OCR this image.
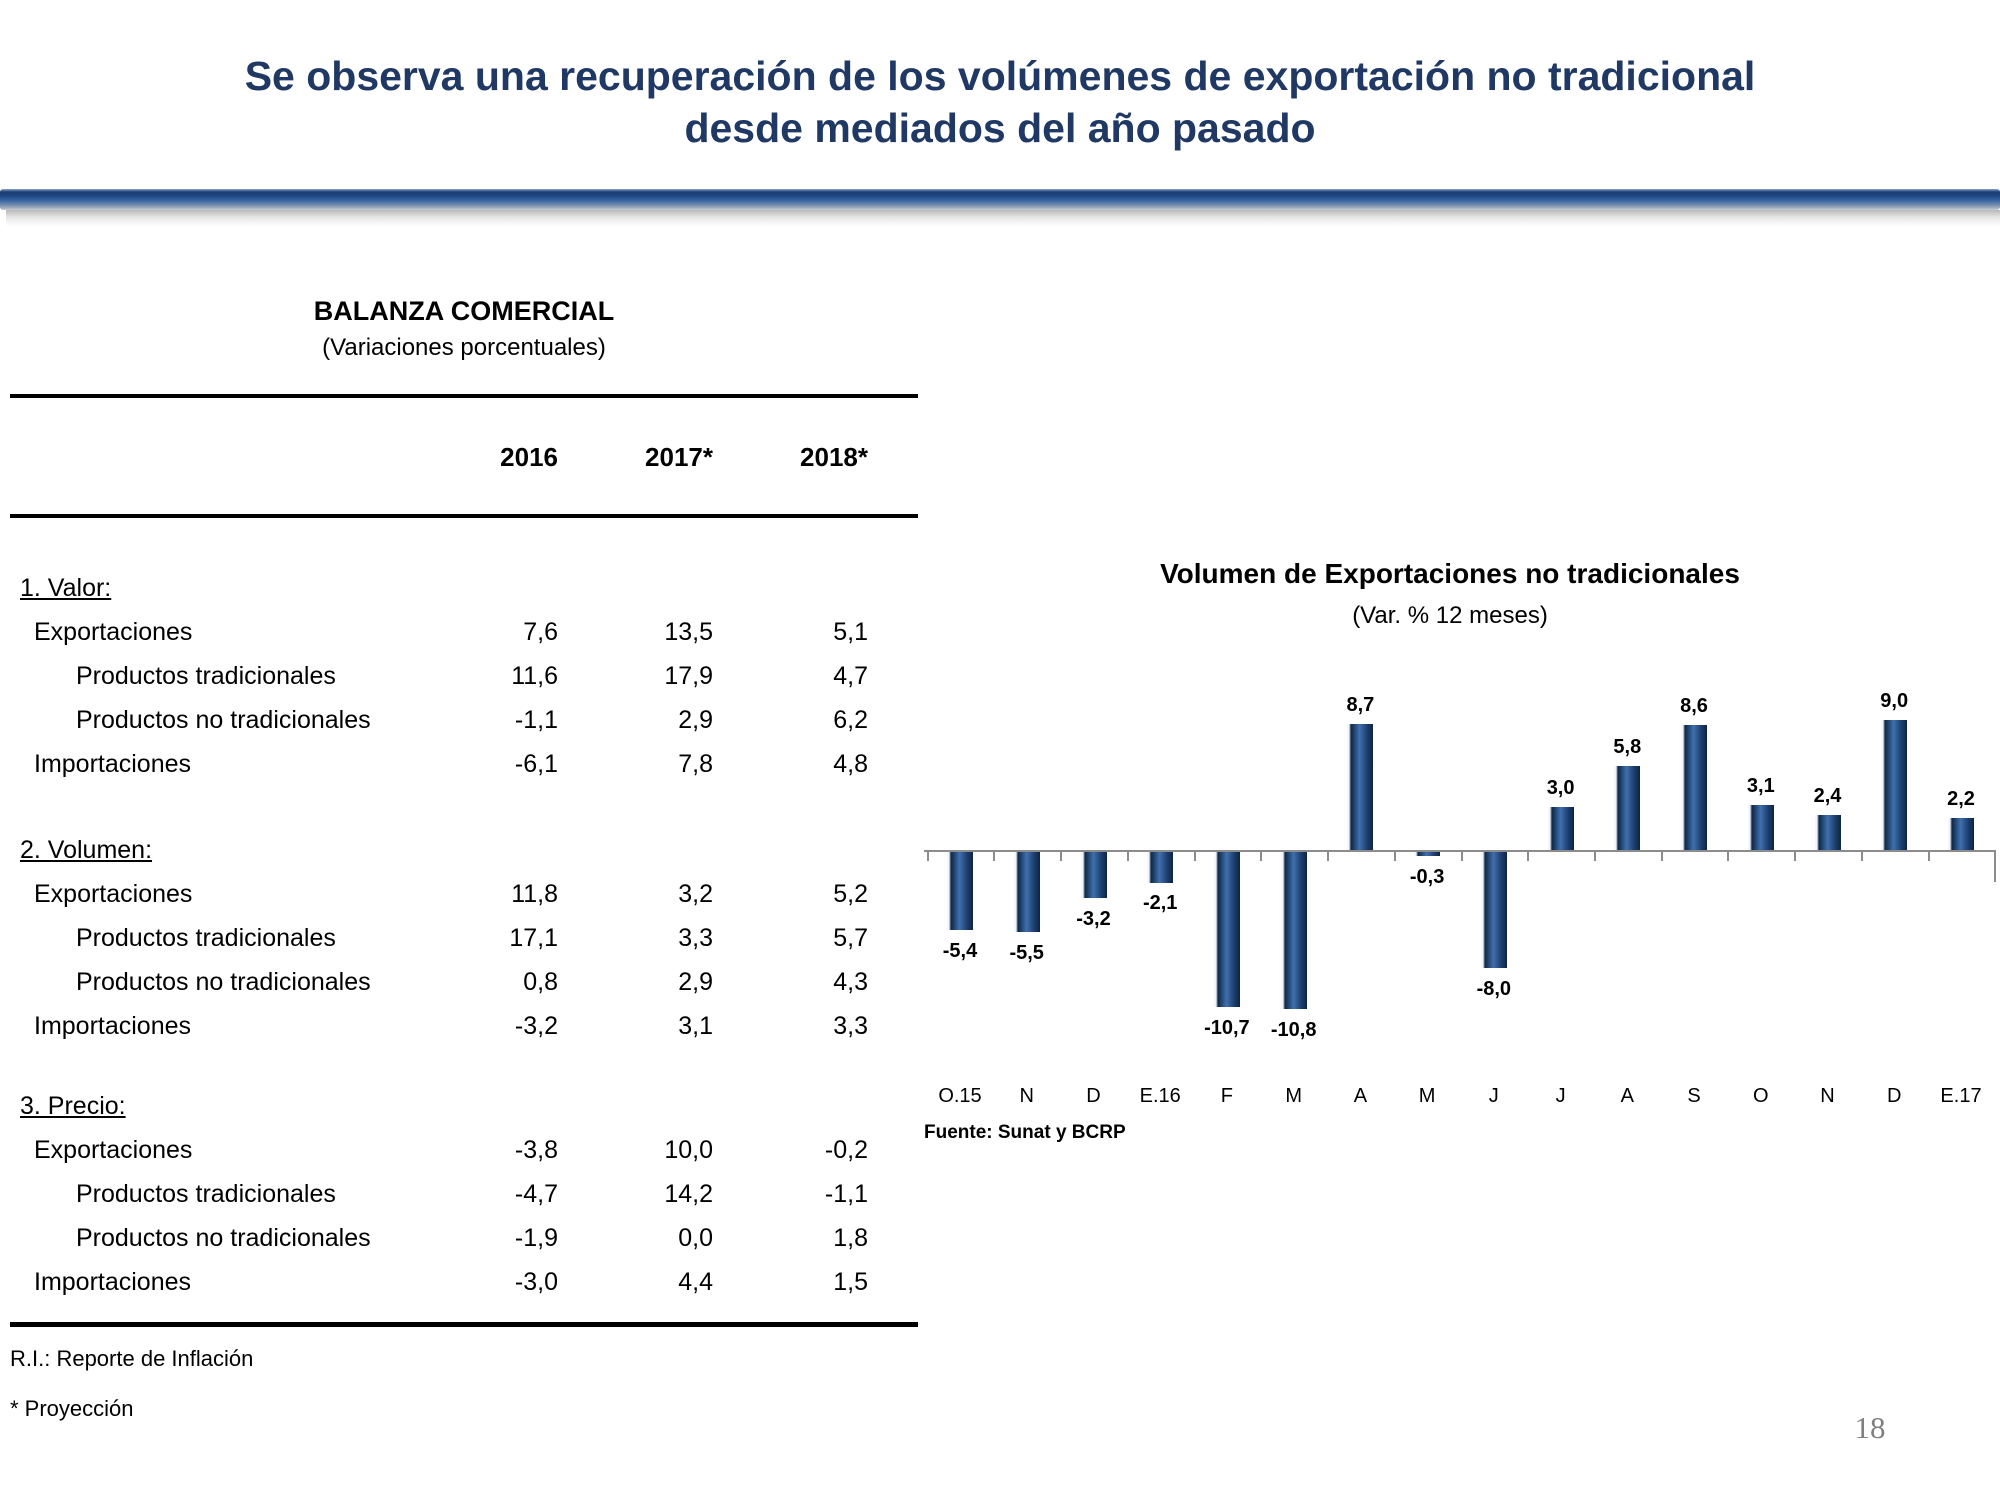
Se observa una recuperación de los volúmenes de exportación no tradicional
desde mediados del año pasado
BALANZA COMERCIAL
(Variaciones porcentuales)
2016	2017*	2018*
1. Valor:
Exportaciones	7,6	13,5	5,1
Productos tradicionales	11,6	17,9	4,7
Productos no tradicionales	-1,1	2,9	6,2
Importaciones	-6,1	7,8	4,8
2. Volumen:
Exportaciones	11,8	3,2	5,2
Productos tradicionales	17,1	3,3	5,7
Productos no tradicionales	0,8	2,9	4,3
Importaciones	-3,2	3,1	3,3
3. Precio:
Exportaciones	-3,8	10,0	-0,2
Productos tradicionales	-4,7	14,2	-1,1
Productos no tradicionales	-1,9	0,0	1,8
Importaciones	-3,0	4,4	1,5
R.I.: Reporte de Inflación
* Proyección
Volumen de Exportaciones no tradicionales
(Var. % 12 meses)
Fuente: Sunat y BCRP
-5,4
O.15
-5,5
N
-3,2
D
-2,1
E.16
-10,7
F
-10,8
M
8,7
A
-0,3
M
-8,0
J
3,0
J
5,8
A
8,6
S
3,1
O
2,4
N
9,0
D
2,2
E.17
18
